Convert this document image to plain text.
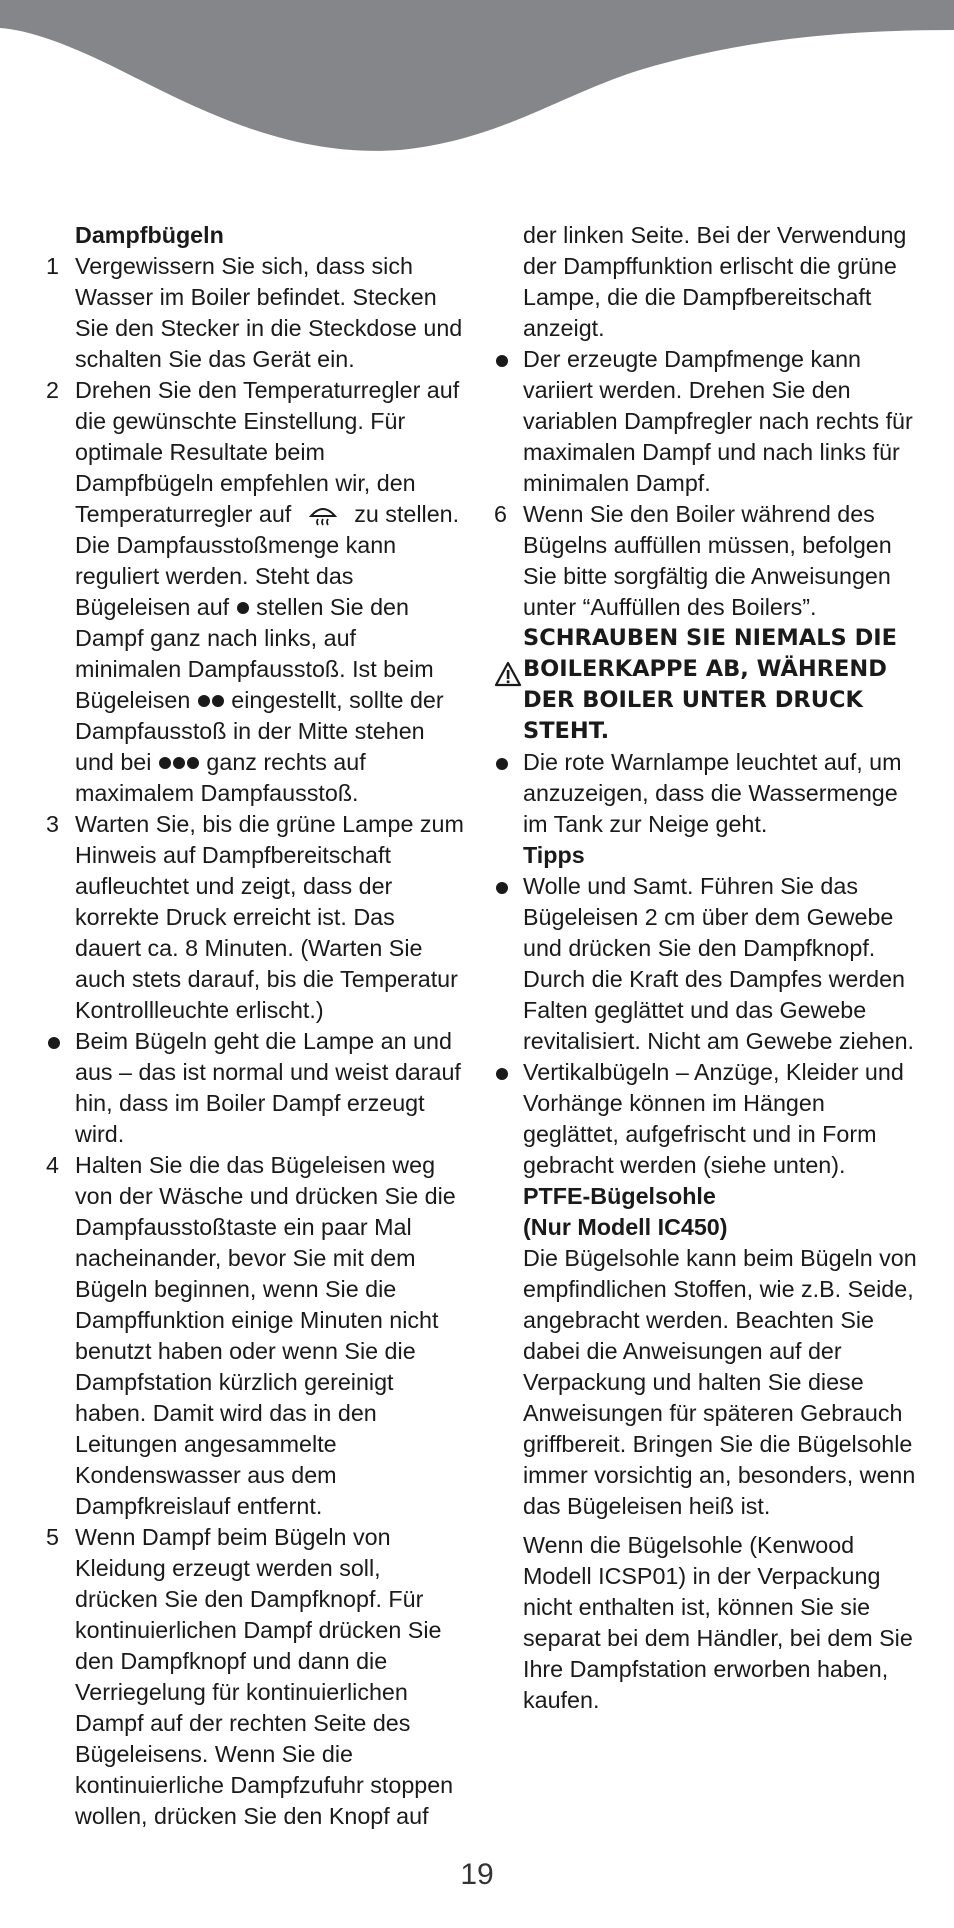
Dampfbügeln

1 Vergewissern Sie sich, dass sich Wasser im Boiler befindet. Stecken Sie den Stecker in die Steckdose und schalten Sie das Gerät ein.
2 Drehen Sie den Temperaturregler auf die gewünschte Einstellung. Für optimale Resultate beim Dampfbügeln empfehlen wir, den Temperaturregler auf	zu stellen. Die Dampfausstoßmenge kann reguliert werden. Steht das Bügeleisen auf stellen Sie den Dampf ganz nach links, auf minimalen Dampfausstoß. Ist beim Bügeleisen eingestellt, sollte der Dampfausstoß in der Mitte stehen und bei ganz rechts auf maximalem Dampfausstoß.
3 Warten Sie, bis die grüne Lampe zum Hinweis auf Dampfbereitschaft aufleuchtet und zeigt, dass der korrekte Druck erreicht ist. Das dauert ca. 8 Minuten. (Warten Sie auch stets darauf, bis die Temperatur Kontrollleuchte erlischt.)
Beim Bügeln geht die Lampe an und aus – das ist normal und weist darauf hin, dass im Boiler Dampf erzeugt wird.
4 Halten Sie die das Bügeleisen weg von der Wäsche und drücken Sie die Dampfausstoßtaste ein paar Mal nacheinander, bevor Sie mit dem Bügeln beginnen, wenn Sie die Dampffunktion einige Minuten nicht benutzt haben oder wenn Sie die Dampfstation kürzlich gereinigt haben. Damit wird das in den Leitungen angesammelte Kondenswasser aus dem Dampfkreislauf entfernt.
5 Wenn Dampf beim Bügeln von Kleidung erzeugt werden soll, drücken Sie den Dampfknopf. Für kontinuierlichen Dampf drücken Sie den Dampfknopf und dann die Verriegelung für kontinuierlichen Dampf auf der rechten Seite des Bügeleisens. Wenn Sie die kontinuierliche Dampfzufuhr stoppen wollen, drücken Sie den Knopf auf

der linken Seite. Bei der Verwendung der Dampffunktion erlischt die grüne Lampe, die die Dampfbereitschaft anzeigt.

Der erzeugte Dampfmenge kann variiert werden. Drehen Sie den variablen Dampfregler nach rechts für maximalen Dampf und nach links für minimalen Dampf.
6 Wenn Sie den Boiler während des Bügelns auffüllen müssen, befolgen Sie bitte sorgfältig die Anweisungen unter “Auffüllen des Boilers”.
SCHRAUBEN SIE NIEMALS DIE BOILERKAPPE AB, WÄHREND DER BOILER UNTER DRUCK STEHT.
Die rote Warnlampe leuchtet auf, um anzuzeigen, dass die Wassermenge im Tank zur Neige geht.

Tipps

Wolle und Samt. Führen Sie das Bügeleisen 2 cm über dem Gewebe und drücken Sie den Dampfknopf. Durch die Kraft des Dampfes werden Falten geglättet und das Gewebe revitalisiert. Nicht am Gewebe ziehen.
Vertikalbügeln – Anzüge, Kleider und Vorhänge können im Hängen geglättet, aufgefrischt und in Form gebracht werden (siehe unten).

PTFE-Bügelsohle
(Nur Modell IC450)

Die Bügelsohle kann beim Bügeln von empfindlichen Stoffen, wie z.B. Seide, angebracht werden. Beachten Sie dabei die Anweisungen auf der Verpackung und halten Sie diese Anweisungen für späteren Gebrauch griffbereit. Bringen Sie die Bügelsohle immer vorsichtig an, besonders, wenn das Bügeleisen heiß ist.

Wenn die Bügelsohle (Kenwood Modell ICSP01) in der Verpackung nicht enthalten ist, können Sie sie separat bei dem Händler, bei dem Sie Ihre Dampfstation erworben haben, kaufen.

19
